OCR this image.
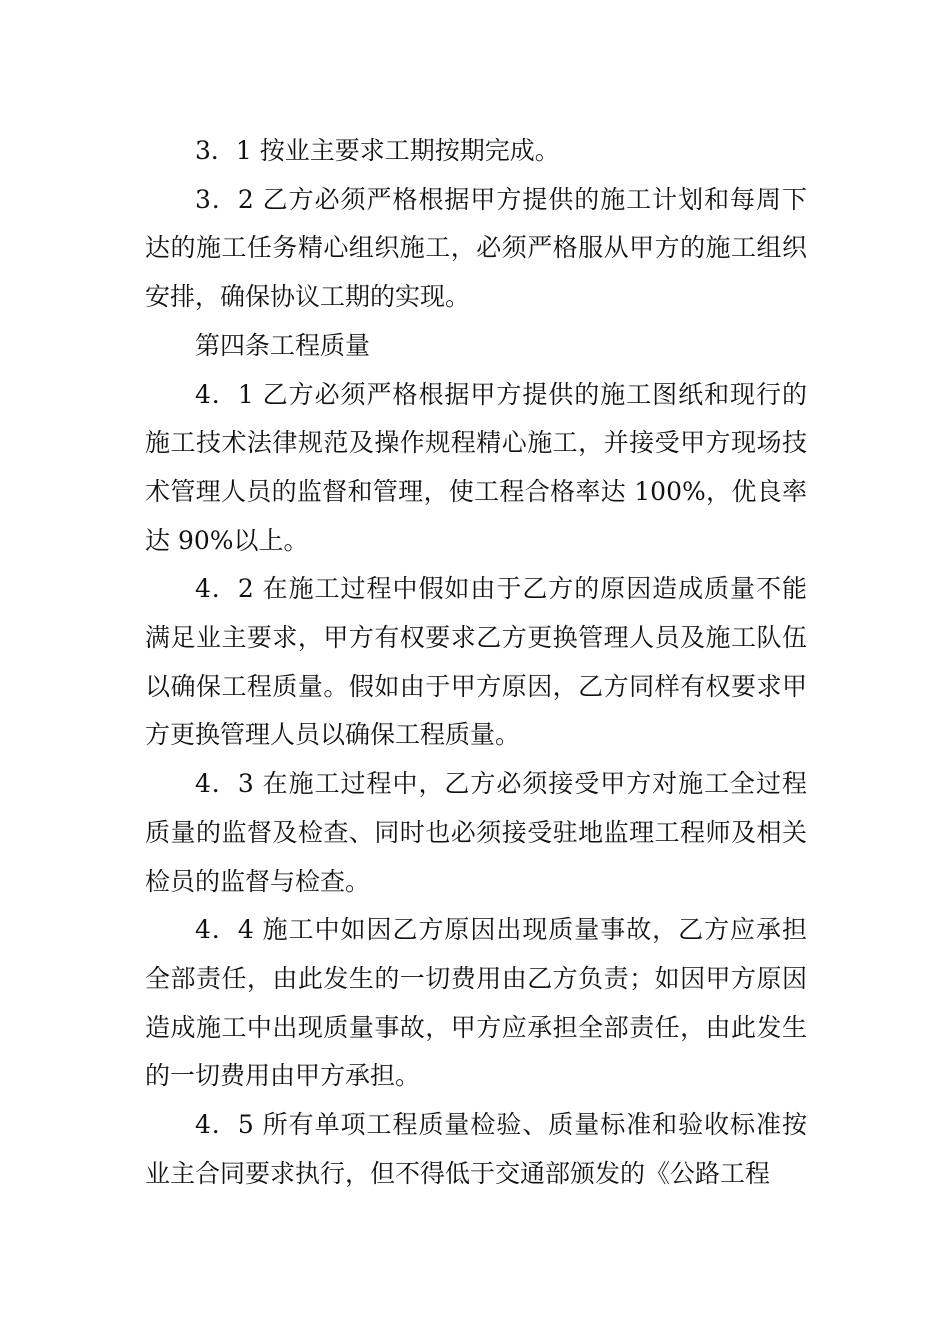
3．1 按业主要求工期按期完成。

3．2 乙方必须严格根据甲方提供的施工计划和每周下达的施工任务精心组织施工，必须严格服从甲方的施工组织安排，确保协议工期的实现。

第四条工程质量

4．1 乙方必须严格根据甲方提供的施工图纸和现行的施工技术法律规范及操作规程精心施工，并接受甲方现场技术管理人员的监督和管理，使工程合格率达 100%，优良率达 90%以上。

4．2 在施工过程中假如由于乙方的原因造成质量不能满足业主要求，甲方有权要求乙方更换管理人员及施工队伍以确保工程质量。假如由于甲方原因，乙方同样有权要求甲方更换管理人员以确保工程质量。

4．3 在施工过程中，乙方必须接受甲方对施工全过程质量的监督及检查、同时也必须接受驻地监理工程师及相关检员的监督与检查。

4．4 施工中如因乙方原因出现质量事故，乙方应承担全部责任，由此发生的一切费用由乙方负责；如因甲方原因造成施工中出现质量事故，甲方应承担全部责任，由此发生的一切费用由甲方承担。

4．5 所有单项工程质量检验、质量标准和验收标准按业主合同要求执行，但不得低于交通部颁发的《公路工程
